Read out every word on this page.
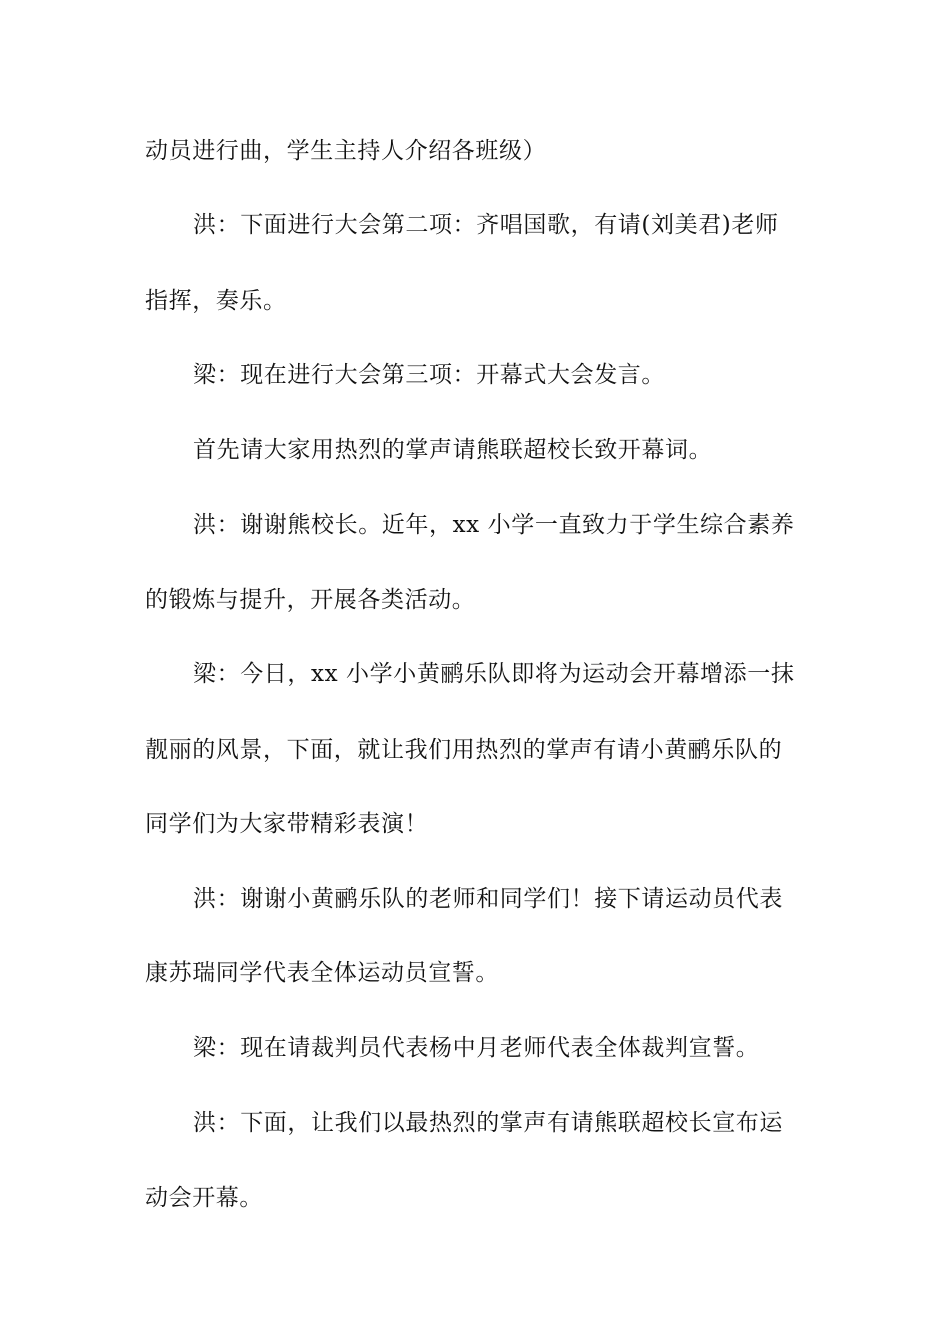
动员进行曲，学生主持人介绍各班级）
洪：下面进行大会第二项：齐唱国歌，有请(刘美君)老师
指挥，奏乐。
梁：现在进行大会第三项：开幕式大会发言。
首先请大家用热烈的掌声请熊联超校长致开幕词。
洪：谢谢熊校长。近年，xx 小学一直致力于学生综合素养
的锻炼与提升，开展各类活动。
梁：今日，xx 小学小黄鹂乐队即将为运动会开幕增添一抹
靓丽的风景，下面，就让我们用热烈的掌声有请小黄鹂乐队的
同学们为大家带精彩表演！
洪：谢谢小黄鹂乐队的老师和同学们！接下请运动员代表
康苏瑞同学代表全体运动员宣誓。
梁：现在请裁判员代表杨中月老师代表全体裁判宣誓。
洪：下面，让我们以最热烈的掌声有请熊联超校长宣布运
动会开幕。
